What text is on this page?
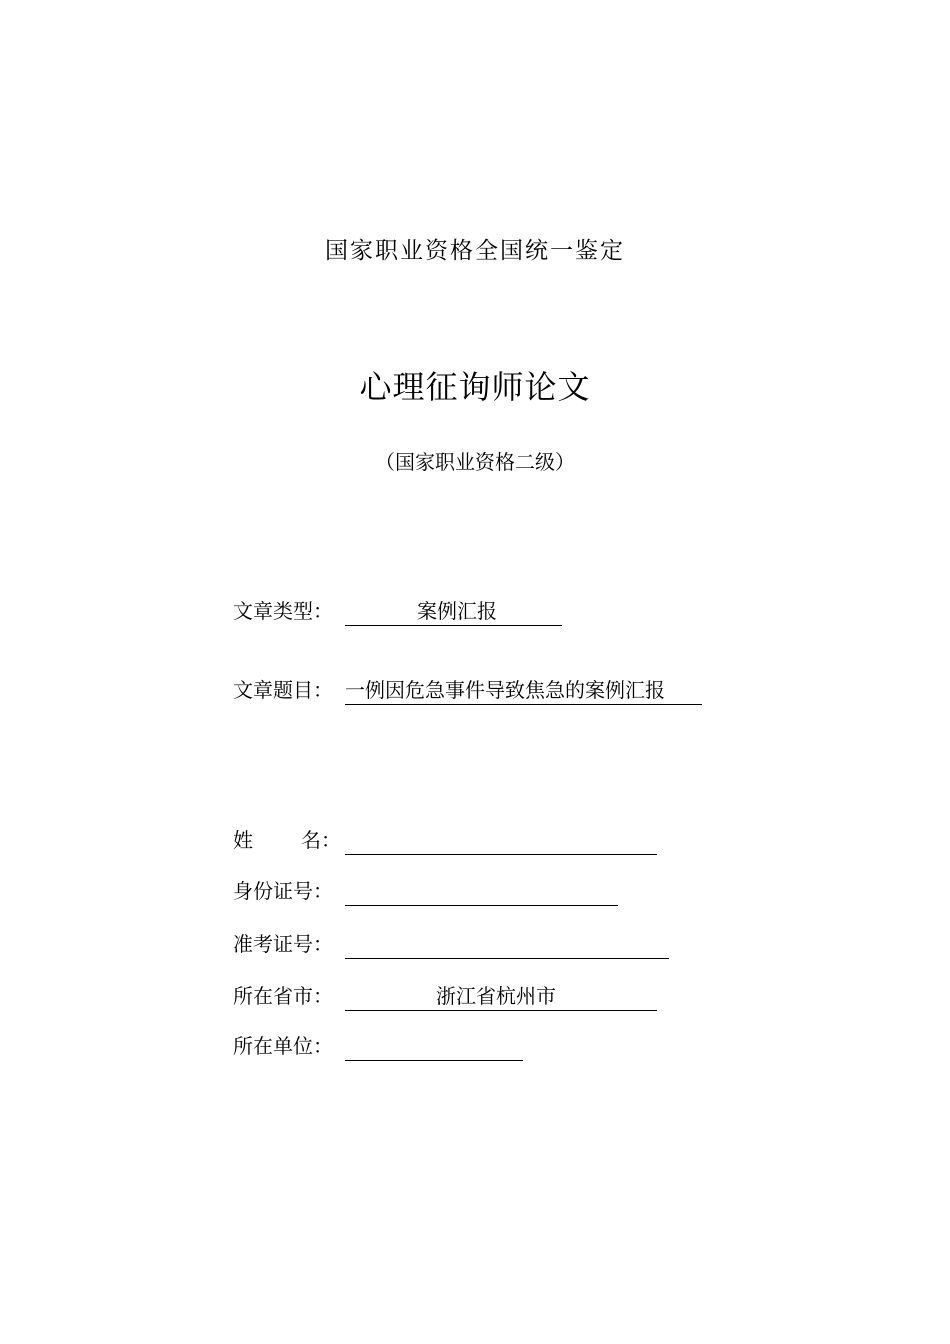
国家职业资格全国统一鉴定
心理征询师论文
（国家职业资格二级）
文章类型：	案例汇报
文章题目： 一例因危急事件导致焦急的案例汇报
姓 名：
身份证号：
准考证号：
所在省市：	浙江省杭州市
所在单位：
